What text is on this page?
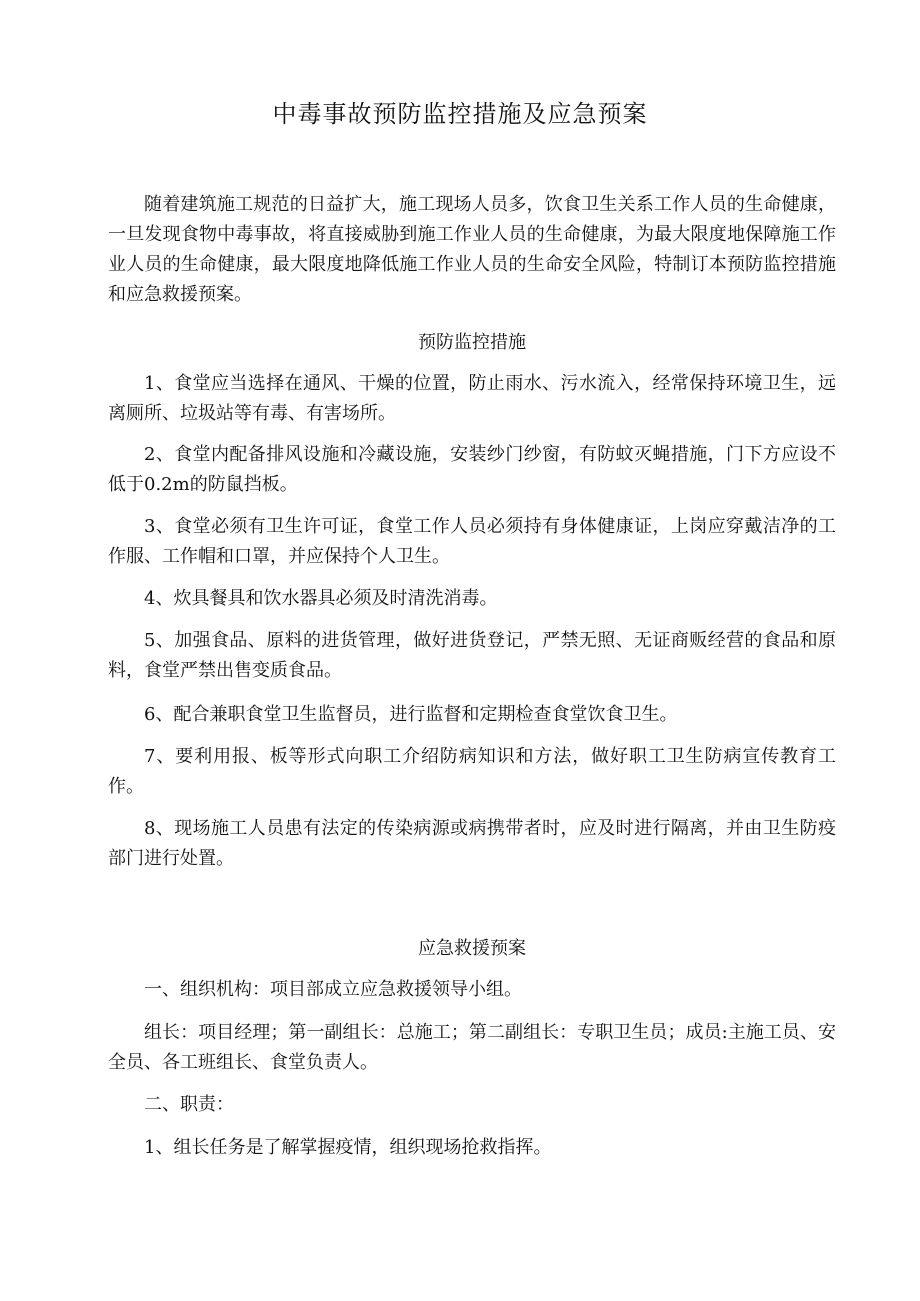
中毒事故预防监控措施及应急预案

随着建筑施工规范的日益扩大，施工现场人员多，饮食卫生关系工作人员的生命健康，一旦发现食物中毒事故，将直接威胁到施工作业人员的生命健康，为最大限度地保障施工作业人员的生命健康，最大限度地降低施工作业人员的生命安全风险，特制订本预防监控措施和应急救援预案。

预防监控措施

1、食堂应当选择在通风、干燥的位置，防止雨水、污水流入，经常保持环境卫生，远离厕所、垃圾站等有毒、有害场所。

2、食堂内配备排风设施和冷藏设施，安装纱门纱窗，有防蚊灭蝇措施，门下方应设不低于0.2m的防鼠挡板。

3、食堂必须有卫生许可证，食堂工作人员必须持有身体健康证，上岗应穿戴洁净的工作服、工作帽和口罩，并应保持个人卫生。

4、炊具餐具和饮水器具必须及时清洗消毒。

5、加强食品、原料的进货管理，做好进货登记，严禁无照、无证商贩经营的食品和原料，食堂严禁出售变质食品。

6、配合兼职食堂卫生监督员，进行监督和定期检查食堂饮食卫生。

7、要利用报、板等形式向职工介绍防病知识和方法，做好职工卫生防病宣传教育工作。

8、现场施工人员患有法定的传染病源或病携带者时，应及时进行隔离，并由卫生防疫部门进行处置。

应急救援预案

一、组织机构：项目部成立应急救援领导小组。

组长：项目经理；第一副组长：总施工；第二副组长：专职卫生员；成员:主施工员、安全员、各工班组长、食堂负责人。

二、职责：

1、组长任务是了解掌握疫情，组织现场抢救指挥。
